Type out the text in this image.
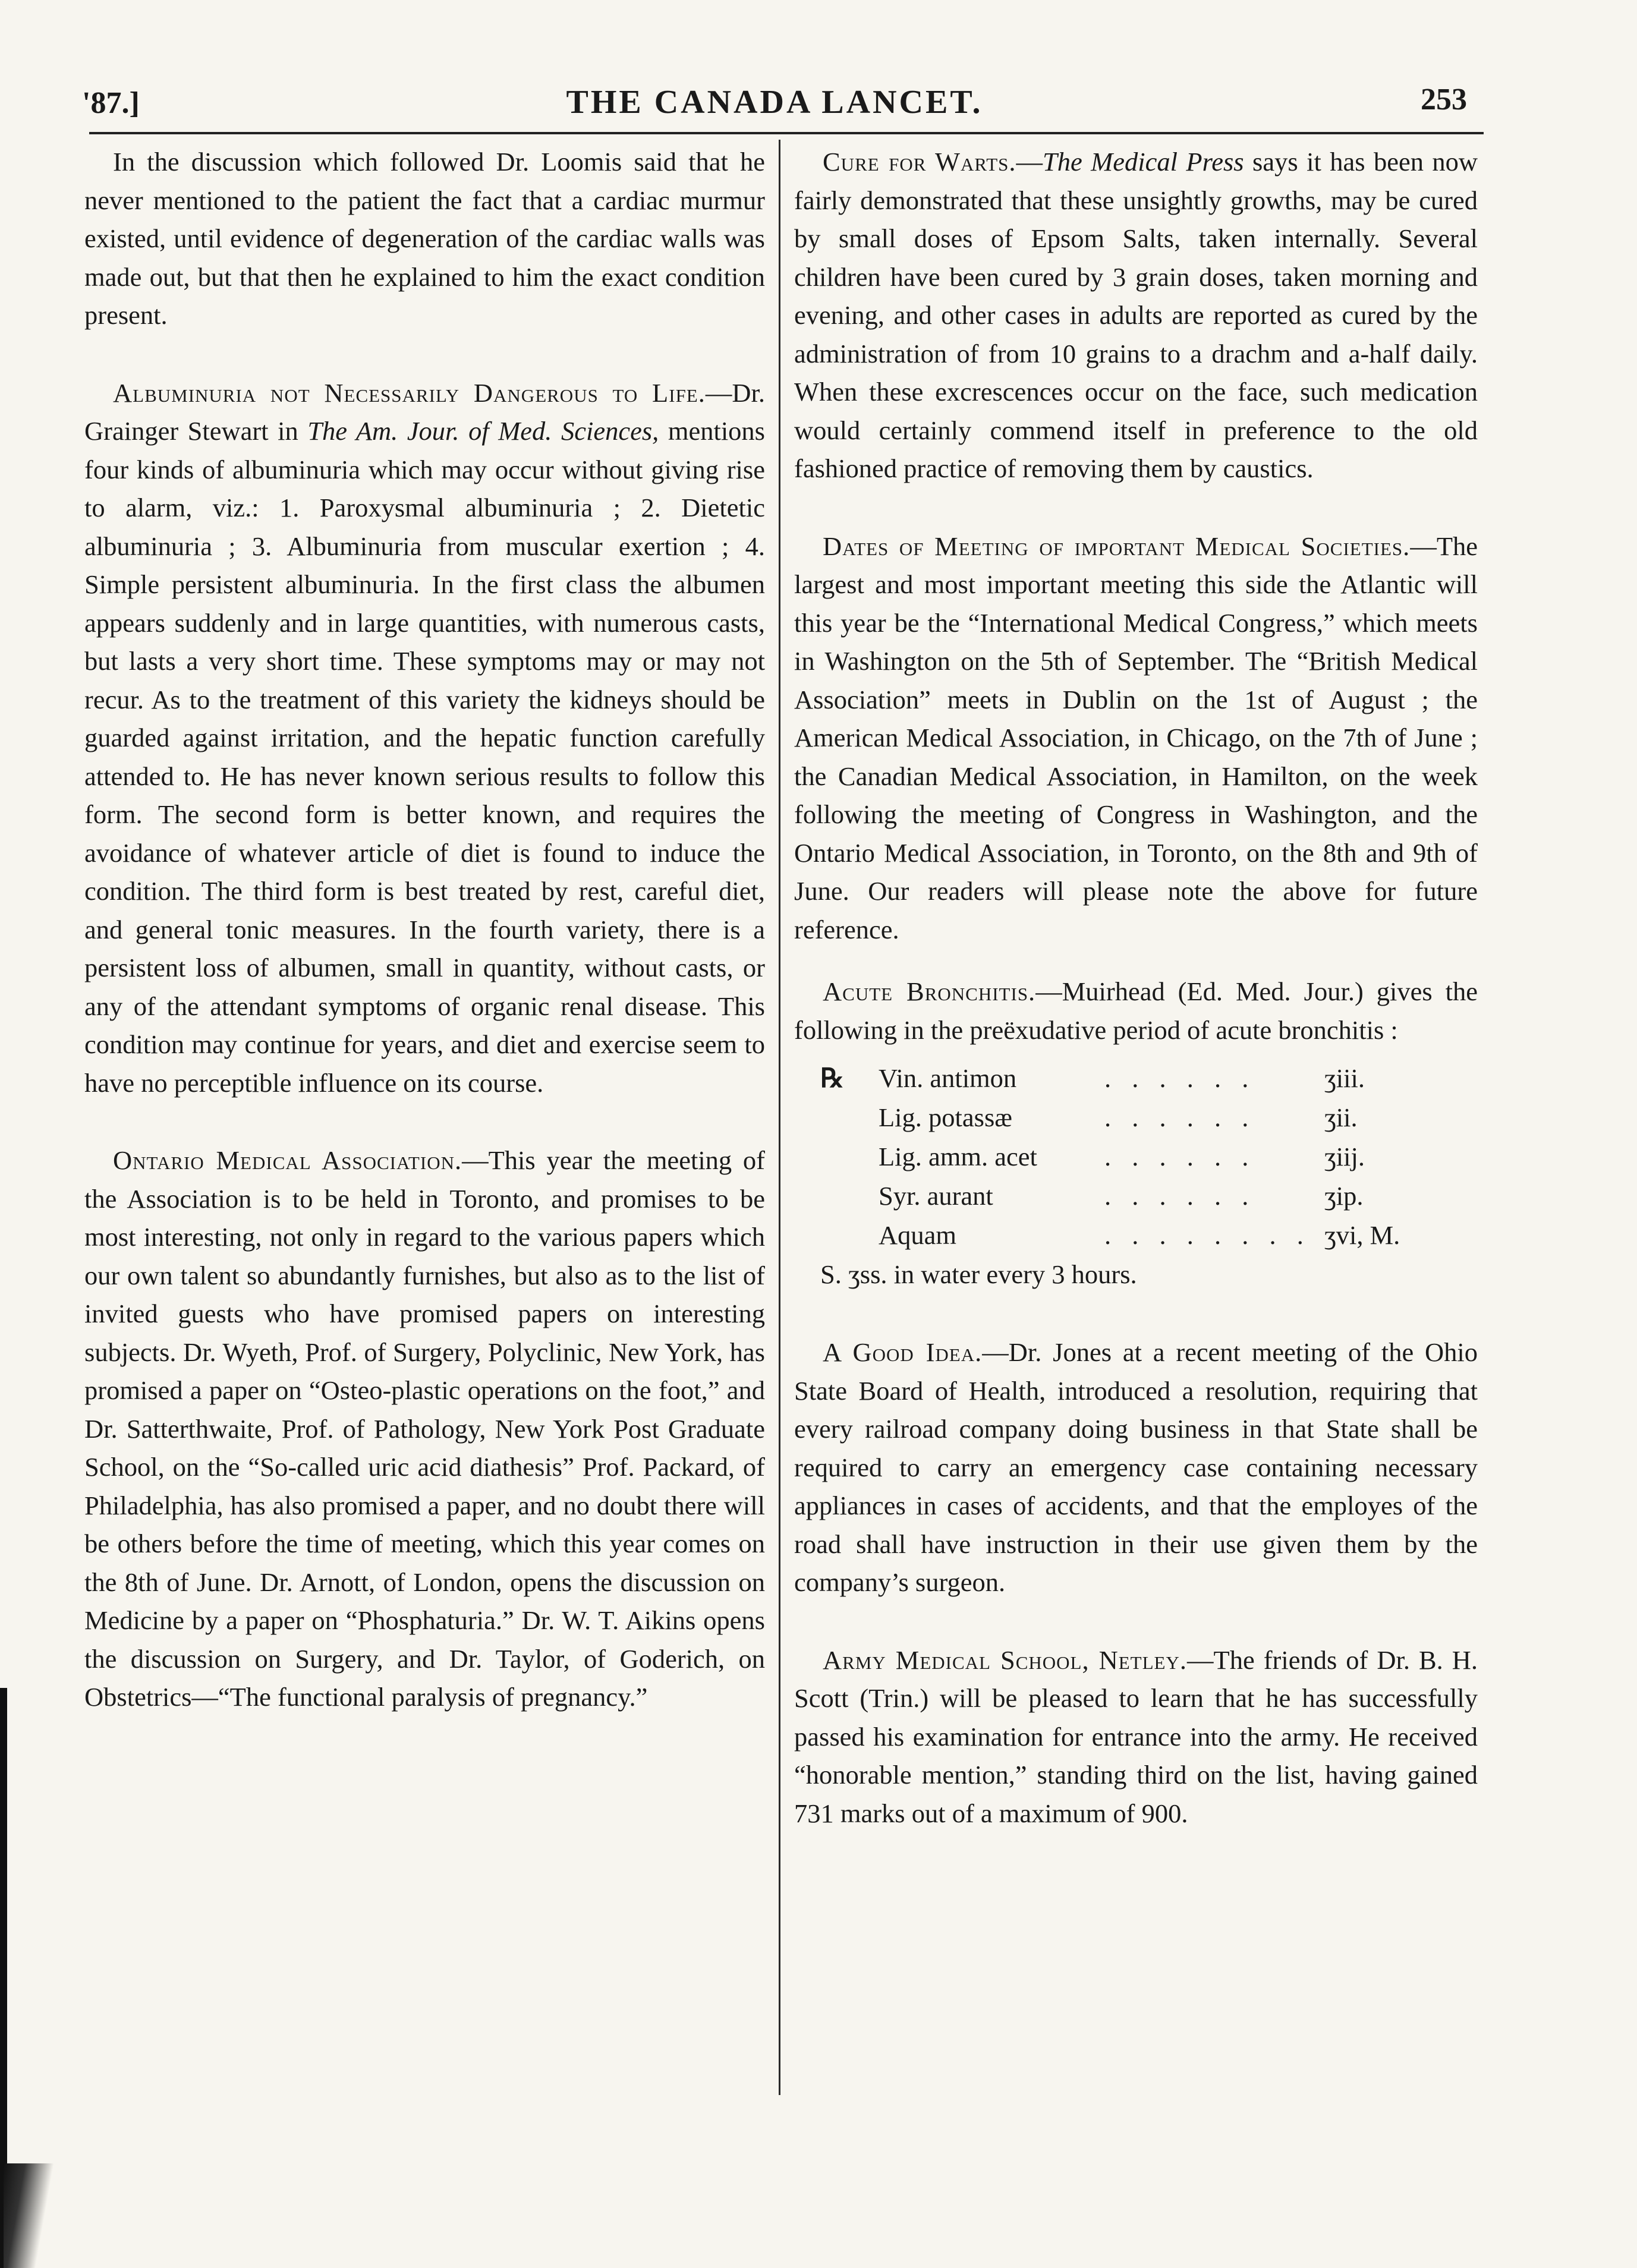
'87.]	THE CANADA LANCET.	253

In the discussion which followed Dr. Loomis said that he never mentioned to the patient the fact that a cardiac murmur existed, until evidence of degeneration of the cardiac walls was made out, but that then he explained to him the exact condition present.

Albuminuria not Necessarily Dangerous to Life.—Dr. Grainger Stewart in The Am. Jour. of Med. Sciences, mentions four kinds of albuminuria which may occur without giving rise to alarm, viz.: 1. Paroxysmal albuminuria ; 2. Dietetic albuminuria ; 3. Albuminuria from muscular exertion ; 4. Simple persistent albuminuria. In the first class the albumen appears suddenly and in large quantities, with numerous casts, but lasts a very short time. These symptoms may or may not recur. As to the treatment of this variety the kidneys should be guarded against irritation, and the hepatic function carefully attended to. He has never known serious results to follow this form. The second form is better known, and requires the avoidance of whatever article of diet is found to induce the condition. The third form is best treated by rest, careful diet, and general tonic measures. In the fourth variety, there is a persistent loss of albumen, small in quantity, without casts, or any of the attendant symptoms of organic renal disease. This condition may continue for years, and diet and exercise seem to have no perceptible influence on its course.

Ontario Medical Association.—This year the meeting of the Association is to be held in Toronto, and promises to be most interesting, not only in regard to the various papers which our own talent so abundantly furnishes, but also as to the list of invited guests who have promised papers on interesting subjects. Dr. Wyeth, Prof. of Surgery, Polyclinic, New York, has promised a paper on “Osteo-plastic operations on the foot,” and Dr. Satterthwaite, Prof. of Pathology, New York Post Graduate School, on the “So-called uric acid diathesis” Prof. Packard, of Philadelphia, has also promised a paper, and no doubt there will be others before the time of meeting, which this year comes on the 8th of June. Dr. Arnott, of London, opens the discussion on Medicine by a paper on “Phosphaturia.” Dr. W. T. Aikins opens the discussion on Surgery, and Dr. Taylor, of Goderich, on Obstetrics—“The functional paralysis of pregnancy.”

Cure for Warts.—The Medical Press says it has been now fairly demonstrated that these unsightly growths, may be cured by small doses of Epsom Salts, taken internally. Several children have been cured by 3 grain doses, taken morning and evening, and other cases in adults are reported as cured by the administration of from 10 grains to a drachm and a-half daily. When these excrescences occur on the face, such medication would certainly commend itself in preference to the old fashioned practice of removing them by caustics.

Dates of Meeting of important Medical Societies.—The largest and most important meeting this side the Atlantic will this year be the “International Medical Congress,” which meets in Washington on the 5th of September. The “British Medical Association” meets in Dublin on the 1st of August ; the American Medical Association, in Chicago, on the 7th of June ; the Canadian Medical Association, in Hamilton, on the week following the meeting of Congress in Washington, and the Ontario Medical Association, in Toronto, on the 8th and 9th of June. Our readers will please note the above for future reference.

Acute Bronchitis.—Muirhead (Ed. Med. Jour.) gives the following in the preëxudative period of acute bronchitis :

℞	Vin. antimon	. . . . . .	ʒiii.
Lig. potassæ	. . . . . .	ʒii.
Lig. amm. acet	. . . . . .	ʒiij.
Syr. aurant	. . . . . .	ʒip.
Aquam	. . . . . . . . ʒvi, M.
S. ʒss. in water every 3 hours.

A Good Idea.—Dr. Jones at a recent meeting of the Ohio State Board of Health, introduced a resolution, requiring that every railroad company doing business in that State shall be required to carry an emergency case containing necessary appliances in cases of accidents, and that the employes of the road shall have instruction in their use given them by the company’s surgeon.

Army Medical School, Netley.—The friends of Dr. B. H. Scott (Trin.) will be pleased to learn that he has successfully passed his examination for entrance into the army. He received “honorable mention,” standing third on the list, having gained 731 marks out of a maximum of 900.
